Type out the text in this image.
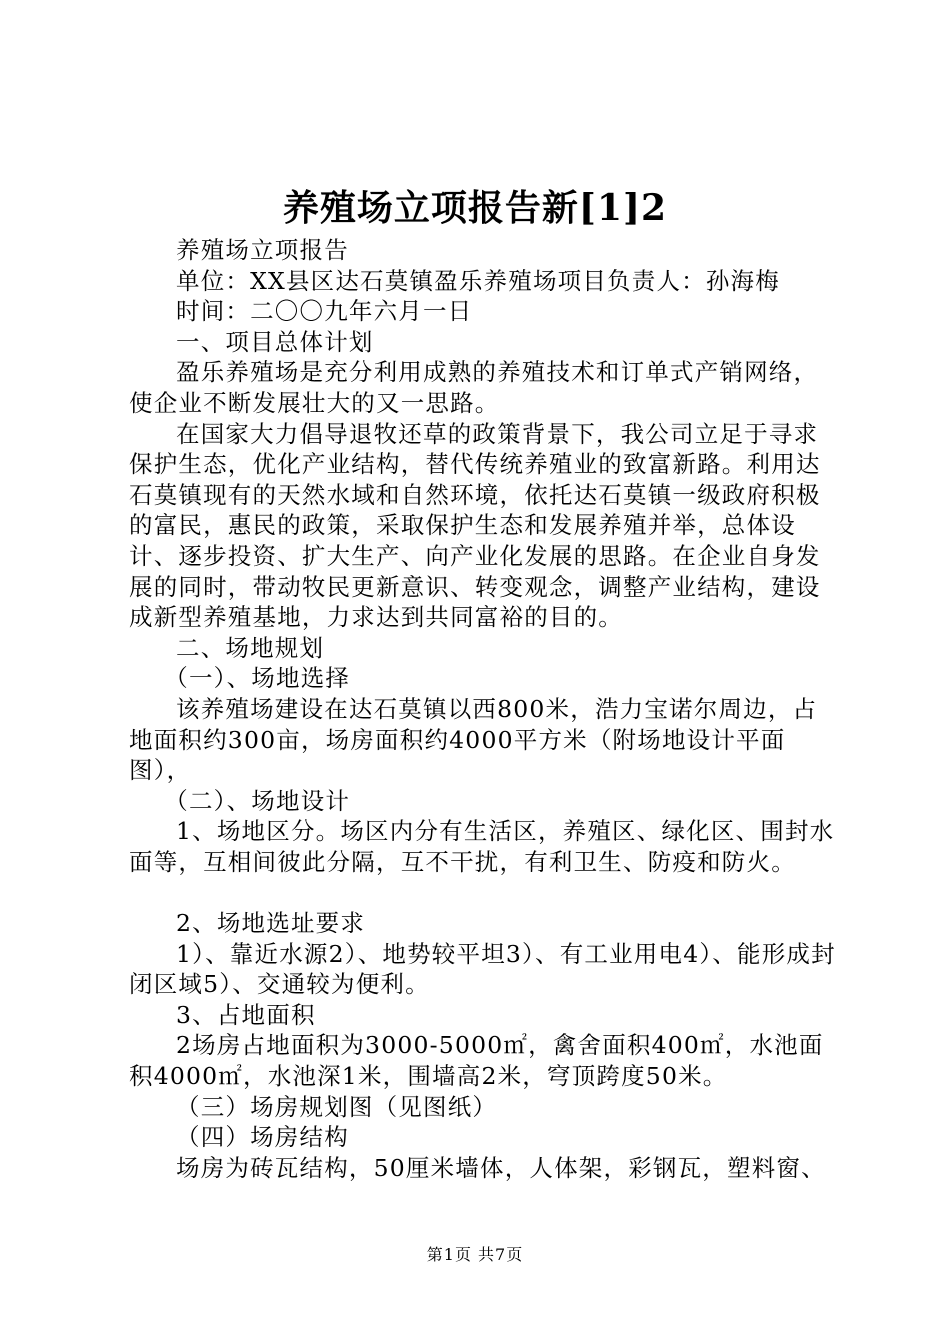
养殖场立项报告新[1]2

养殖场立项报告

单位：XX县区达石莫镇盈乐养殖场项目负责人：孙海梅

时间：二〇〇九年六月一日

一、项目总体计划

盈乐养殖场是充分利用成熟的养殖技术和订单式产销网络，使企业不断发展壮大的又一思路。

在国家大力倡导退牧还草的政策背景下，我公司立足于寻求保护生态，优化产业结构，替代传统养殖业的致富新路。利用达石莫镇现有的天然水域和自然环境，依托达石莫镇一级政府积极的富民，惠民的政策，采取保护生态和发展养殖并举，总体设计、逐步投资、扩大生产、向产业化发展的思路。在企业自身发展的同时，带动牧民更新意识、转变观念，调整产业结构，建设成新型养殖基地，力求达到共同富裕的目的。

二、场地规划

（一）、场地选择

该养殖场建设在达石莫镇以西800米，浩力宝诺尔周边，占地面积约300亩，场房面积约4000平方米（附场地设计平面图），

（二）、场地设计

1、场地区分。场区内分有生活区，养殖区、绿化区、围封水面等，互相间彼此分隔，互不干扰，有利卫生、防疫和防火。

2、场地选址要求

1）、靠近水源2）、地势较平坦3）、有工业用电4）、能形成封闭区域5）、交通较为便利。

3、占地面积

2场房占地面积为3000-5000㎡，禽舍面积400㎡，水池面积4000㎡，水池深1米，围墙高2米，穹顶跨度50米。

（三）场房规划图（见图纸）

（四）场房结构

场房为砖瓦结构，50厘米墙体，人体架，彩钢瓦，塑料窗、

第1页 共7页
